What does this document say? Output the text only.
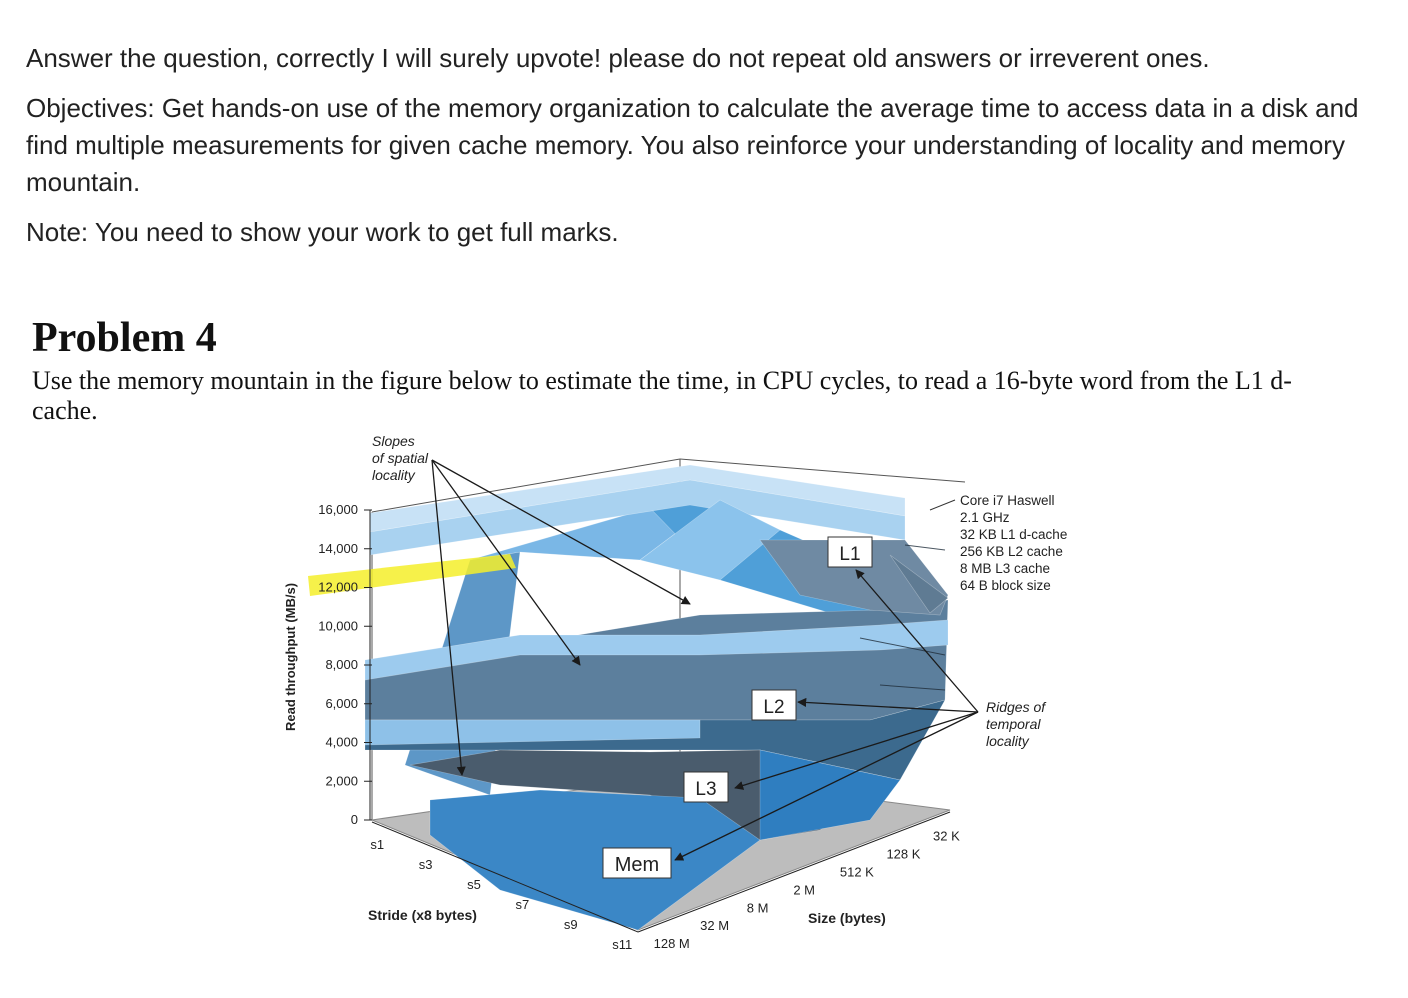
Answer the question, correctly I will surely upvote! please do not repeat old answers or irreverent ones.

Objectives: Get hands-on use of the memory organization to calculate the average time to access data in a disk and find multiple measurements for given cache memory. You also reinforce your understanding of locality and memory mountain.

Note: You need to show your work to get full marks.

Problem 4

Use the memory mountain in the figure below to estimate the time, in CPU cycles, to read a 16-byte word from the L1 d-cache.

16,000
14,000
12,000
10,000
8,000
6,000
4,000
2,000
0
Read throughput (MB/s)
s1
s3
s5
s7
s9
s11
Stride (x8 bytes)
32 K
128 K
512 K
2 M
8 M
32 M
128 M
Size (bytes)
Slopes
of spatial
locality
Ridges of
temporal
locality
L1
L2
L3
Mem
Core i7 Haswell
2.1 GHz
32 KB L1 d-cache
256 KB L2 cache
8 MB L3 cache
64 B block size
